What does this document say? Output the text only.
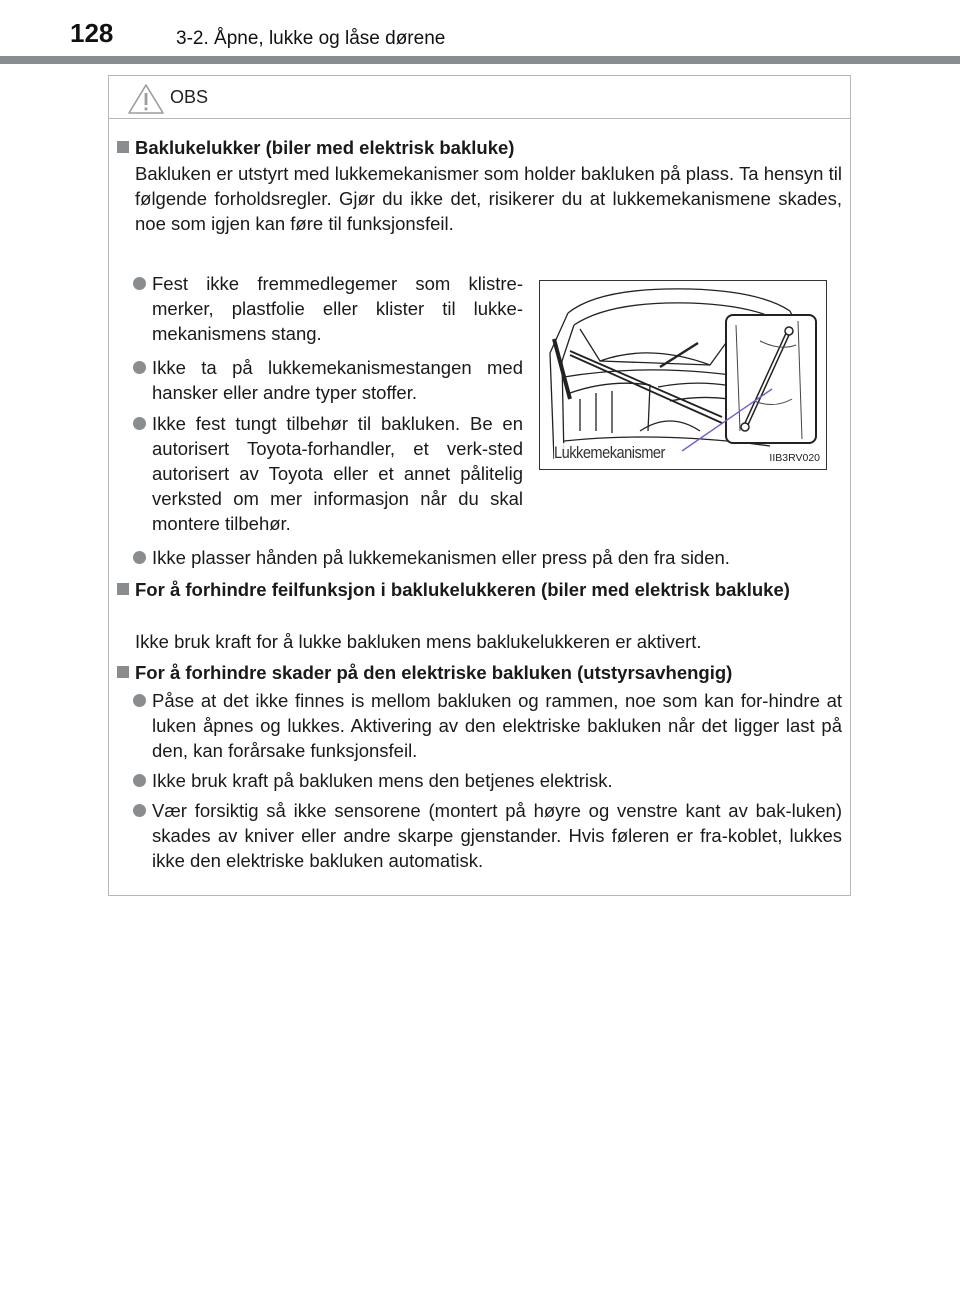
128	3-2. Åpne, lukke og låse dørene
OBS
Baklukelukker (biler med elektrisk bakluke)
Bakluken er utstyrt med lukkemekanismer som holder bakluken på plass. Ta hensyn til følgende forholdsregler. Gjør du ikke det, risikerer du at lukkemekanismene skades, noe som igjen kan føre til funksjonsfeil.
Fest ikke fremmedlegemer som klistre-merker, plastfolie eller klister til lukke-mekanismens stang.
Ikke ta på lukkemekanismestangen med hansker eller andre typer stoffer.
Ikke fest tungt tilbehør til bakluken. Be en autorisert Toyota-forhandler, et verk-sted autorisert av Toyota eller et annet pålitelig verksted om mer informasjon når du skal montere tilbehør.
Ikke plasser hånden på lukkemekanismen eller press på den fra siden.
For å forhindre feilfunksjon i baklukelukkeren (biler med elektrisk bakluke)
Ikke bruk kraft for å lukke bakluken mens baklukelukkeren er aktivert.
For å forhindre skader på den elektriske bakluken (utstyrsavhengig)
Påse at det ikke finnes is mellom bakluken og rammen, noe som kan for-hindre at luken åpnes og lukkes. Aktivering av den elektriske bakluken når det ligger last på den, kan forårsake funksjonsfeil.
Ikke bruk kraft på bakluken mens den betjenes elektrisk.
Vær forsiktig så ikke sensorene (montert på høyre og venstre kant av bak-luken) skades av kniver eller andre skarpe gjenstander. Hvis føleren er fra-koblet, lukkes ikke den elektriske bakluken automatisk.
Lukkemekanismer	IIB3RV020
